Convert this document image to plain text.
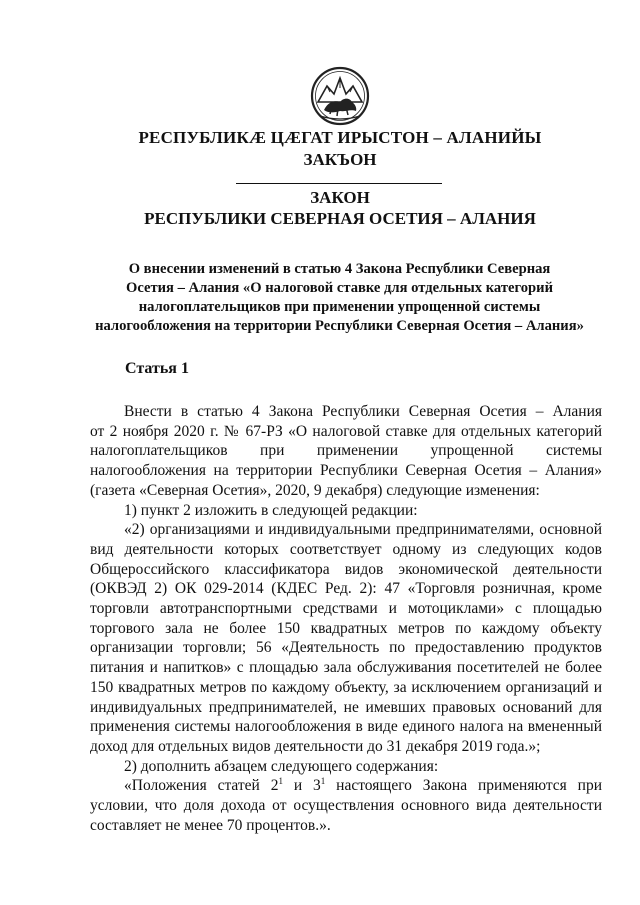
РЕСПУБЛИКӔ ЦӔГАТ ИРЫСТОН – АЛАНИЙЫ
ЗАКЪОН
ЗАКОН
РЕСПУБЛИКИ СЕВЕРНАЯ ОСЕТИЯ – АЛАНИЯ
О внесении изменений в статью 4 Закона Республики Северная
Осетия – Алания «О налоговой ставке для отдельных категорий
налогоплательщиков при применении упрощенной системы
налогообложения на территории Республики Северная Осетия – Алания»
Статья 1
Внести в статью 4 Закона Республики Северная Осетия – Алания
от 2 ноября 2020 г. № 67-РЗ «О налоговой ставке для отдельных категорий
налогоплательщиков при применении упрощенной системы
налогообложения на территории Республики Северная Осетия – Алания»
(газета «Северная Осетия», 2020, 9 декабря) следующие изменения:
1) пункт 2 изложить в следующей редакции:
«2) организациями и индивидуальными предпринимателями, основной
вид деятельности которых соответствует одному из следующих кодов
Общероссийского классификатора видов экономической деятельности
(ОКВЭД 2) ОК 029-2014 (КДЕС Ред. 2): 47 «Торговля розничная, кроме
торговли автотранспортными средствами и мотоциклами» с площадью
торгового зала не более 150 квадратных метров по каждому объекту
организации торговли; 56 «Деятельность по предоставлению продуктов
питания и напитков» с площадью зала обслуживания посетителей не более
150 квадратных метров по каждому объекту, за исключением организаций и
индивидуальных предпринимателей, не имевших правовых оснований для
применения системы налогообложения в виде единого налога на вмененный
доход для отдельных видов деятельности до 31 декабря 2019 года.»;
2) дополнить абзацем следующего содержания:
«Положения статей $2^1$ и $3^1$ настоящего Закона применяются при
условии, что доля дохода от осуществления основного вида деятельности
составляет не менее 70 процентов.».
